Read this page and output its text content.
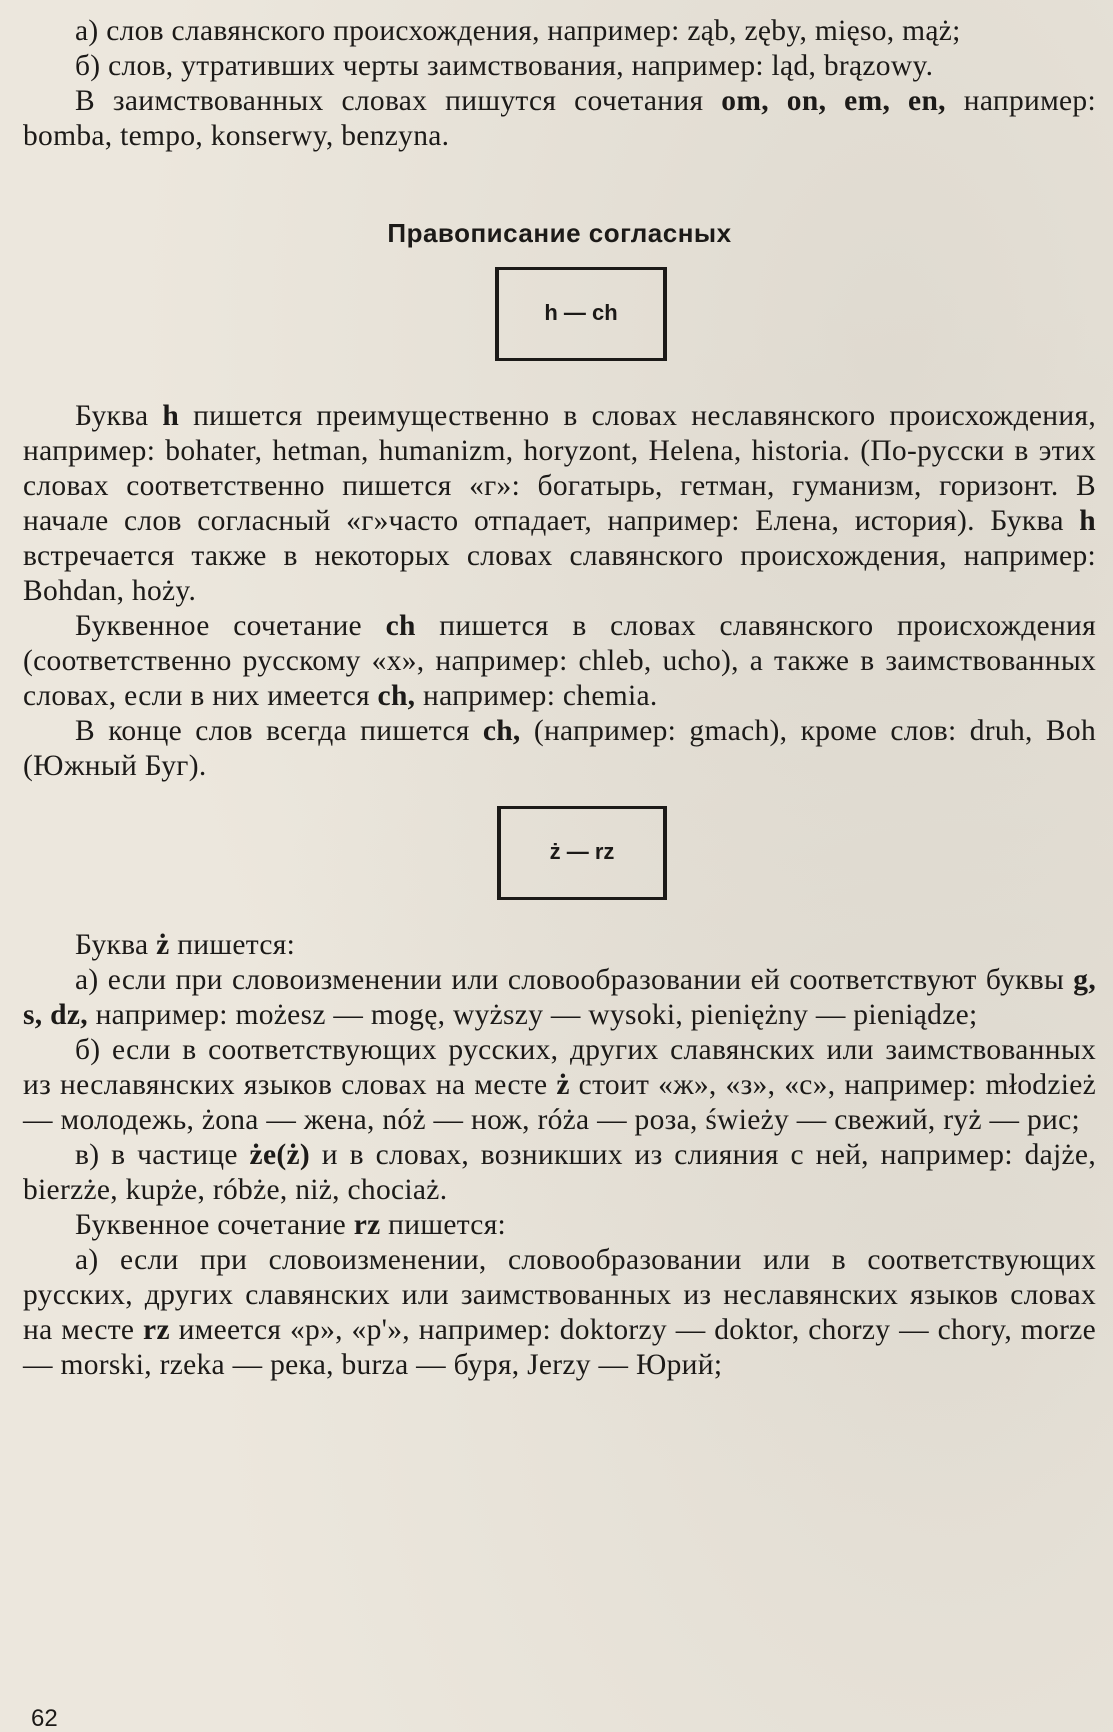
а) слов славянского происхождения, например: ząb, zęby, mięso, mąż;

б) слов, утративших черты заимствования, например: ląd, brązowy.

В заимствованных словах пишутся сочетания om, on, em, en, например: bomba, tempo, konserwy, benzyna.

Правописание согласных
h — ch

Буква h пишется преимущественно в словах неславянского происхождения, например: bohater, hetman, humanizm, horyzont, Helena, historia. (По-русски в этих словах соответственно пишется «г»: богатырь, гетман, гуманизм, горизонт. В начале слов согласный «г»часто отпадает, например: Елена, история). Буква h встречается также в некоторых словах славянского происхождения, например: Bohdan, hoży.

Буквенное сочетание ch пишется в словах славянского происхождения (соответственно русскому «х», например: chleb, ucho), а также в заимствованных словах, если в них имеется ch, например: chemia.

В конце слов всегда пишется ch, (например: gmach), кроме слов: druh, Boh (Южный Буг).

ż — rz

Буква ż пишется:

а) если при словоизменении или словообразовании ей соответствуют буквы g, s, dz, например: możesz — mogę, wyższy — wysoki, pieniężny — pieniądze;

б) если в соответствующих русских, других славянских или заимствованных из неславянских языков словах на месте ż стоит «ж», «з», «с», например: młodzież — молодежь, żona — жена, nóż — нож, róża — роза, świeży — свежий, ryż — рис;

в) в частице że(ż) и в словах, возникших из слияния с ней, например: dajże, bierzże, kupże, róbże, niż, chociaż.

Буквенное сочетание rz пишется:

а) если при словоизменении, словообразовании или в соответствующих русских, других славянских или заимствованных из неславянских языков словах на месте rz имеется «р», «р'», например: doktorzy — doktor, chorzy — chory, morze — morski, rzeka — река, burza — буря, Jerzy — Юрий;

62
